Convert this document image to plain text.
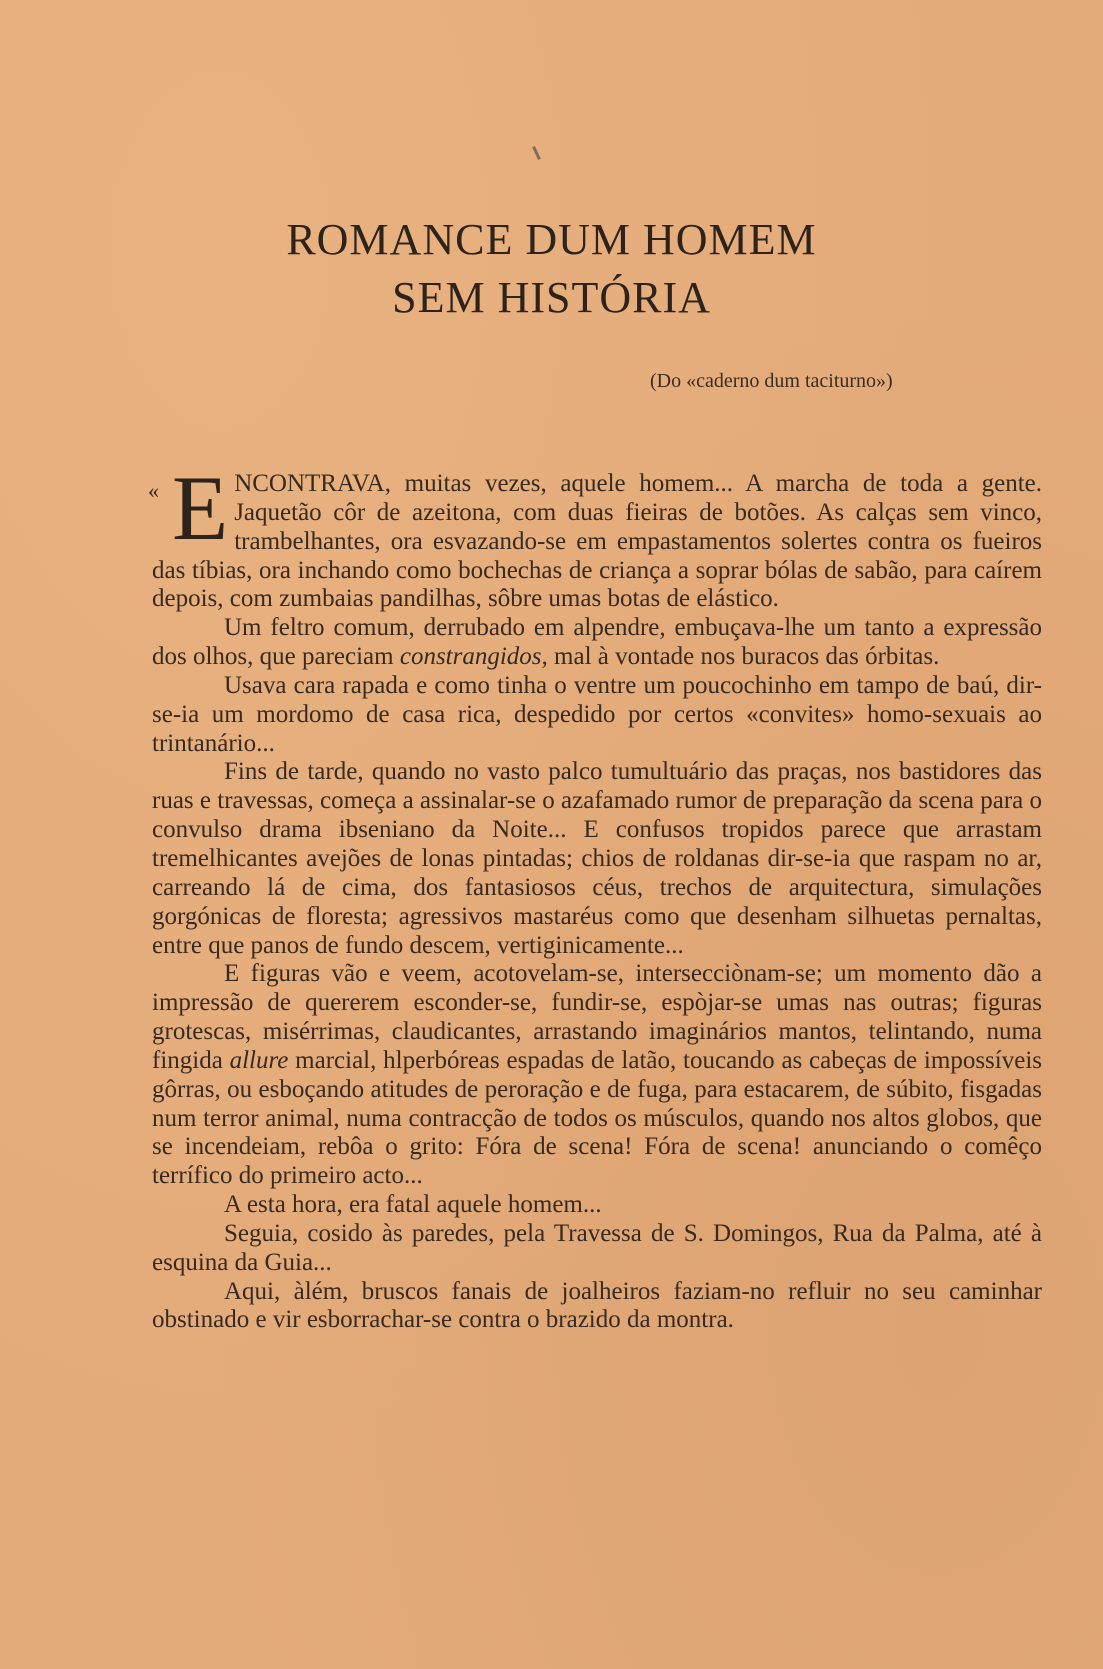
ROMANCE DUM HOMEM
SEM HISTÓRIA
(Do «caderno dum taciturno»)

« E NCONTRAVA, muitas vezes, aquele homem... A marcha de toda a gente. Jaquetão côr de azeitona, com duas fieiras de botões. As calças sem vinco, trambelhantes, ora esvazando-se em empastamentos solertes contra os fueiros das tíbias, ora inchando como bochechas de criança a soprar bólas de sabão, para caírem depois, com zumbaias pandilhas, sôbre umas botas de elástico.

Um feltro comum, derrubado em alpendre, embuçava-lhe um tanto a expressão dos olhos, que pareciam constrangidos, mal à vontade nos buracos das órbitas.

Usava cara rapada e como tinha o ventre um poucochinho em tampo de baú, dir-se-ia um mordomo de casa rica, despedido por certos «convites» homo-sexuais ao trintanário...

Fins de tarde, quando no vasto palco tumultuário das praças, nos bastidores das ruas e travessas, começa a assinalar-se o azafamado rumor de preparação da scena para o convulso drama ibseniano da Noite... E confusos tropidos parece que arrastam tremelhicantes avejões de lonas pintadas; chios de roldanas dir-se-ia que raspam no ar, carreando lá de cima, dos fantasiosos céus, trechos de arquitectura, simulações gorgónicas de floresta; agressivos mastaréus como que desenham silhuetas pernaltas, entre que panos de fundo descem, vertiginicamente...

E figuras vão e veem, acotovelam-se, intersecciònam-se; um momento dão a impressão de quererem esconder-se, fundir-se, espòjar-se umas nas outras; figuras grotescas, misérrimas, claudicantes, arrastando imaginários mantos, telintando, numa fingida allure marcial, hlperbóreas espadas de latão, toucando as cabeças de impossíveis gôrras, ou esboçando atitudes de peroração e de fuga, para estacarem, de súbito, fisgadas num terror animal, numa contracção de todos os músculos, quando nos altos globos, que se incendeiam, rebôa o grito: Fóra de scena! Fóra de scena! anunciando o comêço terrífico do primeiro acto...

A esta hora, era fatal aquele homem...

Seguia, cosido às paredes, pela Travessa de S. Domingos, Rua da Palma, até à esquina da Guia...

Aqui, àlém, bruscos fanais de joalheiros faziam-no refluir no seu caminhar obstinado e vir esborrachar-se contra o brazido da montra.
